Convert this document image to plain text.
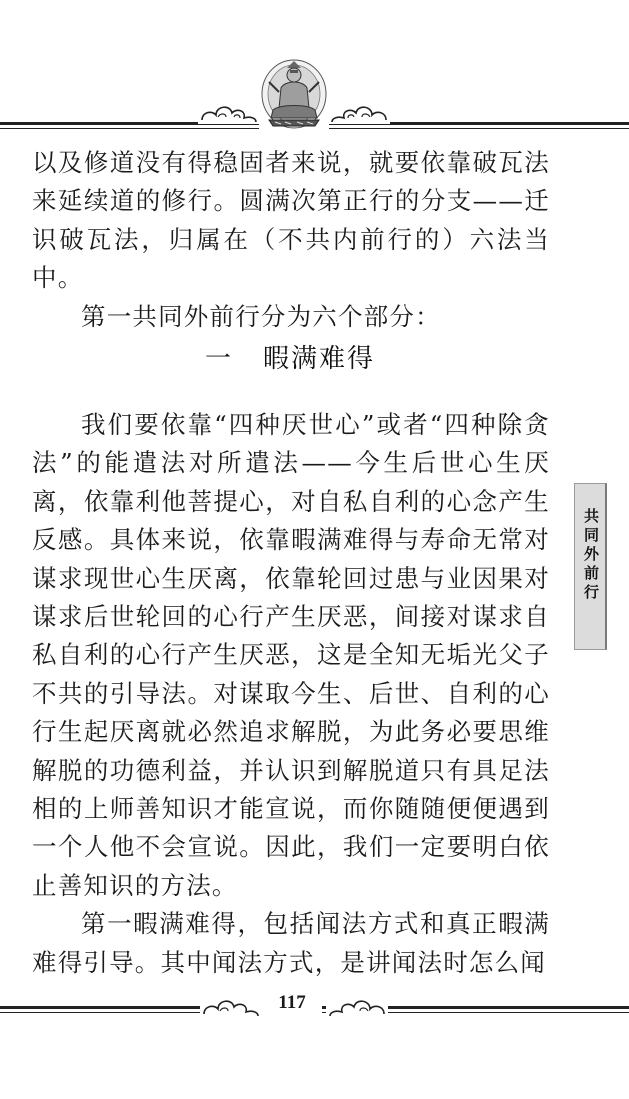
以及修道没有得稳固者来说，就要依靠破瓦法来延续道的修行。圆满次第正行的分支——迁识破瓦法，归属在（不共内前行的）六法当中。

第一共同外前行分为六个部分：

一 暇满难得

我们要依靠“四种厌世心”或者“四种除贪法”的能遣法对所遣法——今生后世心生厌离，依靠利他菩提心，对自私自利的心念产生反感。具体来说，依靠暇满难得与寿命无常对谋求现世心生厌离，依靠轮回过患与业因果对谋求后世轮回的心行产生厌恶，间接对谋求自私自利的心行产生厌恶，这是全知无垢光父子不共的引导法。对谋取今生、后世、自利的心行生起厌离就必然追求解脱，为此务必要思维解脱的功德利益，并认识到解脱道只有具足法相的上师善知识才能宣说，而你随随便便遇到一个人他不会宣说。因此，我们一定要明白依止善知识的方法。

第一暇满难得，包括闻法方式和真正暇满难得引导。其中闻法方式，是讲闻法时怎么闻

共同外前行
117
